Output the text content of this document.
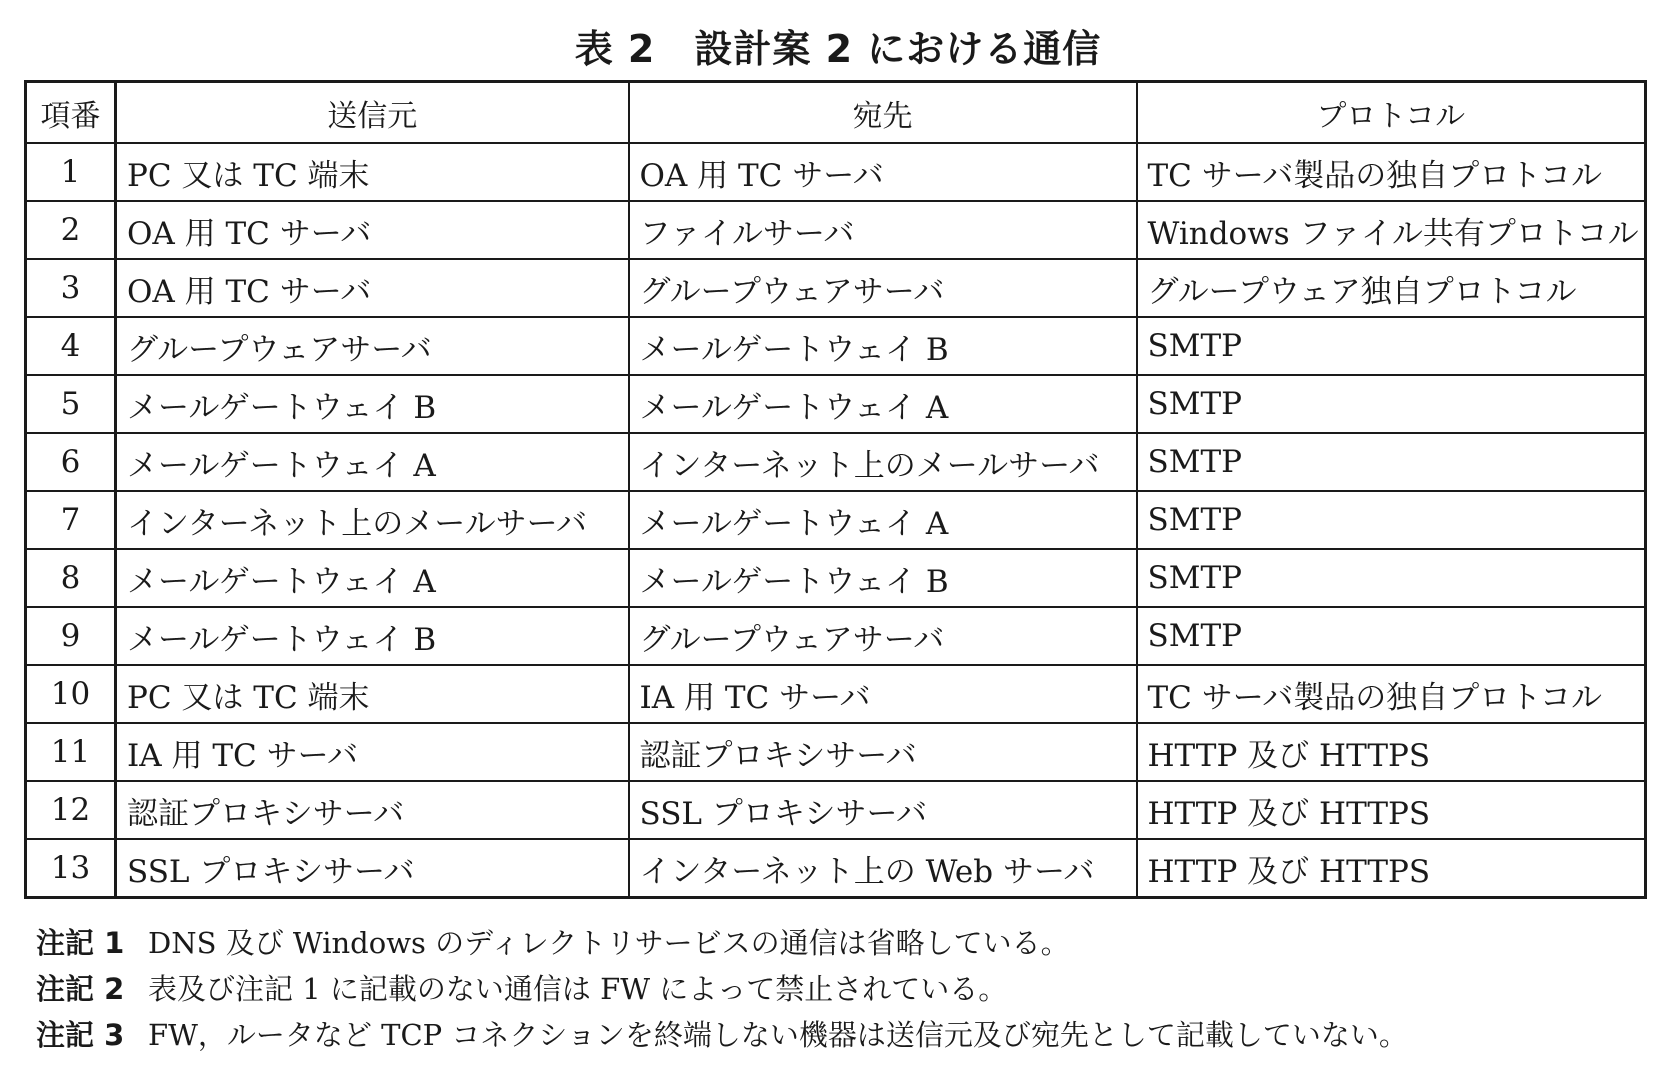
表 2　設計案 2 における通信
項番	送信元	宛先	プロトコル
1	PC 又は TC 端末	OA 用 TC サーバ	TC サーバ製品の独自プロトコル
2	OA 用 TC サーバ	ファイルサーバ	Windows ファイル共有プロトコル
3	OA 用 TC サーバ	グループウェアサーバ	グループウェア独自プロトコル
4	グループウェアサーバ	メールゲートウェイ B	SMTP
5	メールゲートウェイ B	メールゲートウェイ A	SMTP
6	メールゲートウェイ A	インターネット上のメールサーバ	SMTP
7	インターネット上のメールサーバ	メールゲートウェイ A	SMTP
8	メールゲートウェイ A	メールゲートウェイ B	SMTP
9	メールゲートウェイ B	グループウェアサーバ	SMTP
10	PC 又は TC 端末	IA 用 TC サーバ	TC サーバ製品の独自プロトコル
11	IA 用 TC サーバ	認証プロキシサーバ	HTTP 及び HTTPS
12	認証プロキシサーバ	SSL プロキシサーバ	HTTP 及び HTTPS
13	SSL プロキシサーバ	インターネット上の Web サーバ	HTTP 及び HTTPS
注記 1 DNS 及び Windows のディレクトリサービスの通信は省略している。
注記 2 表及び注記 1 に記載のない通信は FW によって禁止されている。
注記 3 FW，ルータなど TCP コネクションを終端しない機器は送信元及び宛先として記載していない。
